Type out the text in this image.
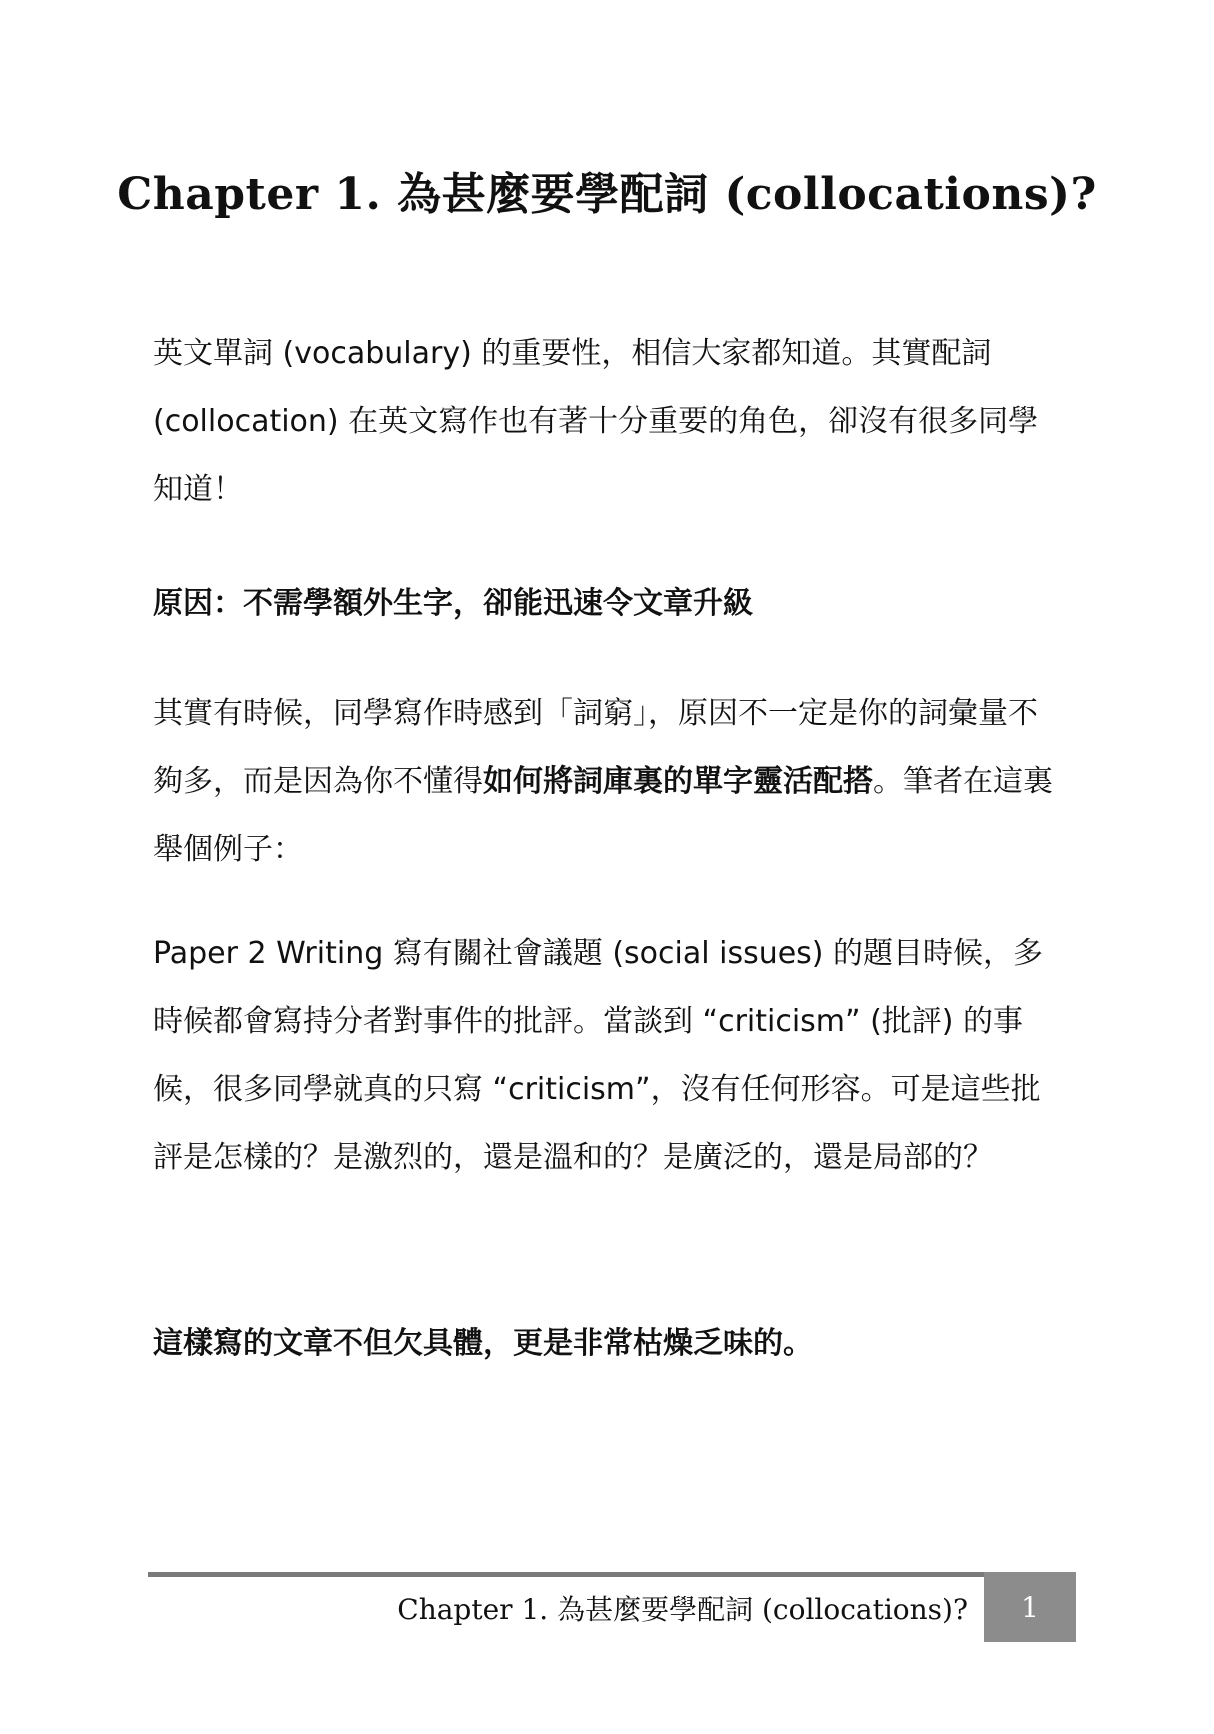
Chapter 1. 為甚麼要學配詞 (collocations)?

英文單詞 (vocabulary) 的重要性，相信大家都知道。其實配詞 (collocation) 在英文寫作也有著十分重要的角色，卻沒有很多同學知道！

原因：不需學額外生字，卻能迅速令文章升級

其實有時候，同學寫作時感到「詞窮」，原因不一定是你的詞彙量不夠多，而是因為你不懂得如何將詞庫裏的單字靈活配搭。筆者在這裏舉個例子：

Paper 2 Writing 寫有關社會議題 (social issues) 的題目時候，多時候都會寫持分者對事件的批評。當談到 “criticism” (批評) 的事候，很多同學就真的只寫 “criticism”，沒有任何形容。可是這些批評是怎樣的？是激烈的，還是溫和的？是廣泛的，還是局部的？

這樣寫的文章不但欠具體，更是非常枯燥乏味的。

Chapter 1. 為甚麼要學配詞 (collocations)? 1
